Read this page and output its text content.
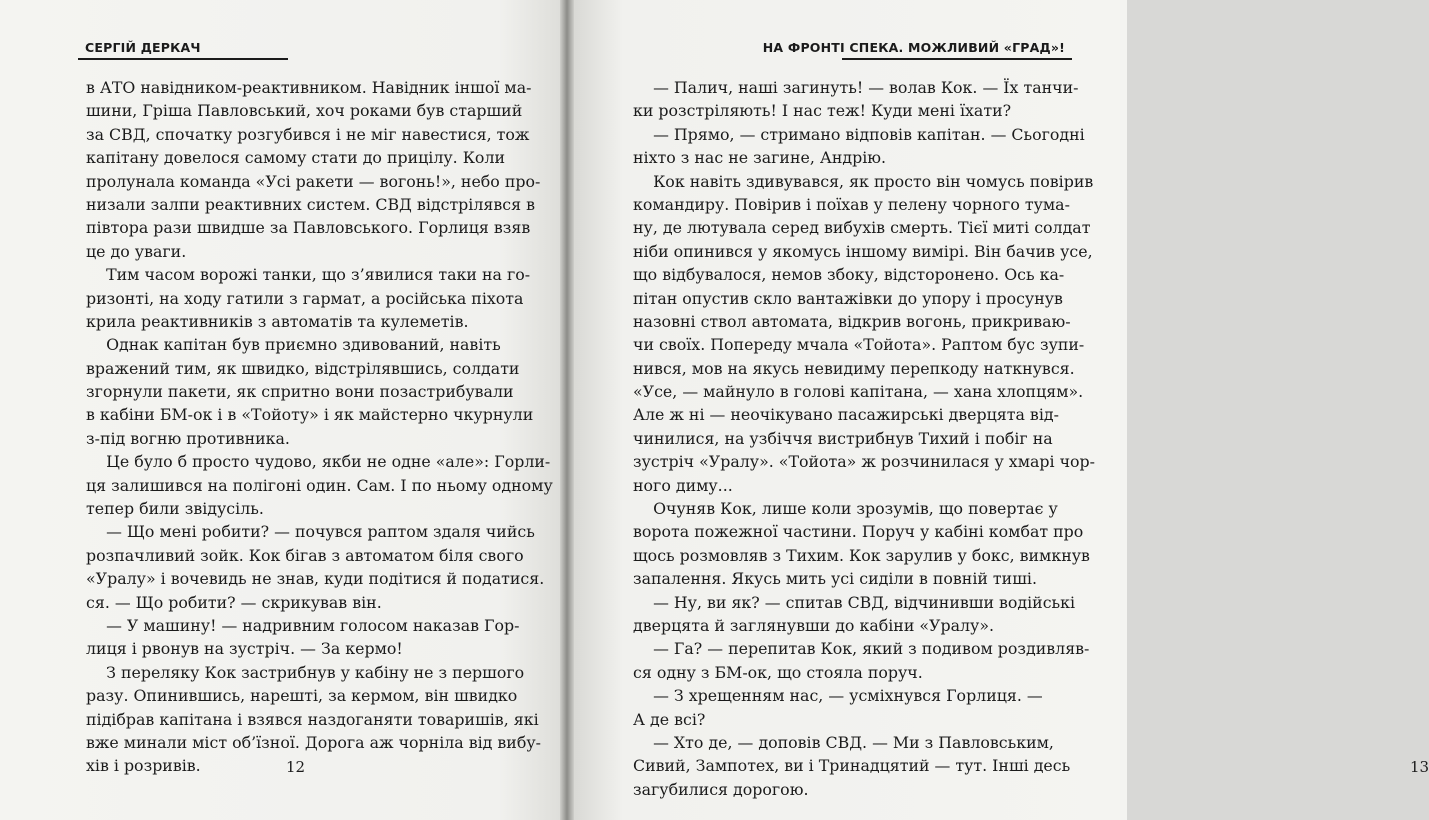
СЕРГІЙ ДЕРКАЧ
в АТО навідником-реактивником. Навідник іншої ма-
шини, Гріша Павловський, хоч роками був старший
за СВД, спочатку розгубився і не міг навестися, тож
капітану довелося самому стати до прицілу. Коли
пролунала команда «Усі ракети — вогонь!», небо про-
низали залпи реактивних систем. СВД відстрілявся в
півтора рази швидше за Павловського. Горлиця взяв
це до уваги.
Тим часом ворожі танки, що з’явилися таки на го-
ризонті, на ходу гатили з гармат, а російська піхота
крила реактивників з автоматів та кулеметів.
Однак капітан був приємно здивований, навіть
вражений тим, як швидко, відстрілявшись, солдати
згорнули пакети, як спритно вони позастрибували
в кабіни БМ-ок і в «Тойоту» і як майстерно чкурнули
з-під вогню противника.
Це було б просто чудово, якби не одне «але»: Горли-
ця залишився на полігоні один. Сам. І по ньому одному
тепер били звідусіль.
— Що мені робити? — почувся раптом здаля чийсь
розпачливий зойк. Кок бігав з автоматом біля свого
«Уралу» і вочевидь не знав, куди подітися й податися.
ся. — Що робити? — скрикував він.
— У машину! — надривним голосом наказав Гор-
лиця і рвонув на зустріч. — За кермо!
З переляку Кок застрибнув у кабіну не з першого
разу. Опинившись, нарешті, за кермом, він швидко
підібрав капітана і взявся наздоганяти товаришів, які
вже минали міст об’їзної. Дорога аж чорніла від вибу-
хів і розривів.	12
НА ФРОНТІ СПЕКА. МОЖЛИВИЙ «ГРАД»!
13
— Палич, наші загинуть! — волав Кок. — Їх танчи-
ки розстріляють! І нас теж! Куди мені їхати?
— Прямо, — стримано відповів капітан. — Сьогодні
ніхто з нас не загине, Андрію.
Кок навіть здивувався, як просто він чомусь повірив
командиру. Повірив і поїхав у пелену чорного тума-
ну, де лютувала серед вибухів смерть. Тієї миті солдат
ніби опинився у якомусь іншому вимірі. Він бачив усе,
що відбувалося, немов збоку, відсторонено. Ось ка-
пітан опустив скло вантажівки до упору і просунув
назовні ствол автомата, відкрив вогонь, прикриваю-
чи своїх. Попереду мчала «Тойота». Раптом бус зупи-
нився, мов на якусь невидиму перепкоду наткнувся.
«Усе, — майнуло в голові капітана, — хана хлопцям».
Але ж ні — неочікувано пасажирські дверцята від-
чинилися, на узбіччя вистрибнув Тихий і побіг на
зустріч «Уралу». «Тойота» ж розчинилася у хмарі чор-
ного диму...
Очуняв Кок, лише коли зрозумів, що повертає у
ворота пожежної частини. Поруч у кабіні комбат про
щось розмовляв з Тихим. Кок зарулив у бокс, вимкнув
запалення. Якусь мить усі сиділи в повній тиші.
— Ну, ви як? — спитав СВД, відчинивши водійські
дверцята й заглянувши до кабіни «Уралу».
— Га? — перепитав Кок, який з подивом роздивляв-
ся одну з БМ-ок, що стояла поруч.
— З хрещенням нас, — усміхнувся Горлиця. —
А де всі?
— Хто де, — доповів СВД. — Ми з Павловським,
Сивий, Зампотех, ви і Тринадцятий — тут. Інші десь
загубилися дорогою.
